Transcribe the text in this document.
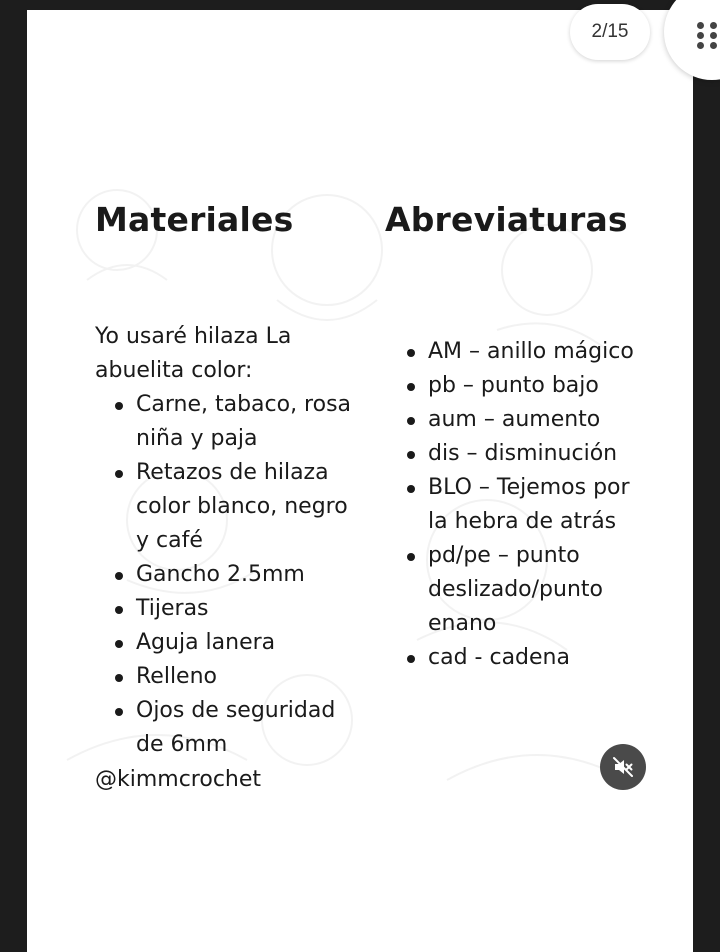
Materiales
Yo usaré hilaza La abuelita color:
Carne, tabaco, rosa niña y paja
Retazos de hilaza color blanco, negro y café
Gancho 2.5mm
Tijeras
Aguja lanera
Relleno
Ojos de seguridad de 6mm
@kimmcrochet
Abreviaturas
AM – anillo mágico
pb – punto bajo
aum – aumento
dis – disminución
BLO – Tejemos por la hebra de atrás
pd/pe – punto deslizado/punto enano
cad - cadena
2/15
